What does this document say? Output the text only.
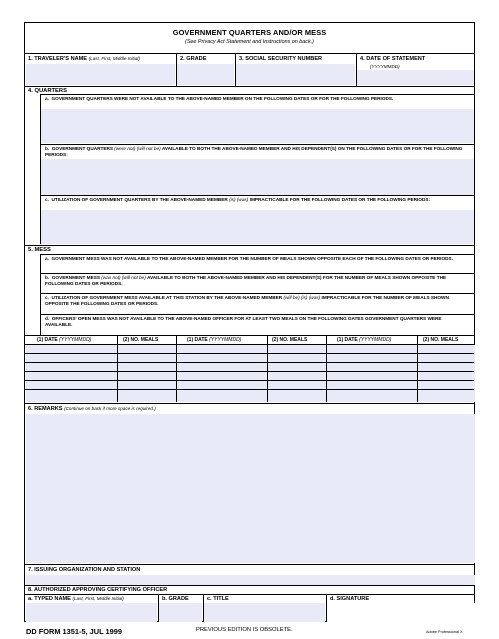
GOVERNMENT QUARTERS AND/OR MESS
(See Privacy Act Statement and Instructions on back.)
1. TRAVELER'S NAME (Last, First, Middle Initial)	2. GRADE	3. SOCIAL SECURITY NUMBER	4. DATE OF STATEMENT
(YYYYMMDD)
4. QUARTERS
a. GOVERNMENT QUARTERS WERE NOT AVAILABLE TO THE ABOVE-NAMED MEMBER ON THE FOLLOWING DATES OR FOR THE FOLLOWING PERIODS.
b. GOVERNMENT QUARTERS (were not) (will not be) AVAILABLE TO BOTH THE ABOVE-NAMED MEMBER AND HIS DEPENDENT(S) ON THE FOLLOWING DATES OR FOR THE FOLLOWING PERIODS:
c. UTILIZATION OF GOVERNMENT QUARTERS BY THE ABOVE-NAMED MEMBER (is) (was) IMPRACTICABLE FOR THE FOLLOWING DATES OR THE FOLLOWING PERIODS:
5. MESS
a. GOVERNMENT MESS WAS NOT AVAILABLE TO THE ABOVE-NAMED MEMBER FOR THE NUMBER OF MEALS SHOWN OPPOSITE EACH OF THE FOLLOWING DATES OR PERIODS.
b. GOVERNMENT MESS (was not) (will not be) AVAILABLE TO BOTH THE ABOVE-NAMED MEMBER AND HIS DEPENDENT(S) FOR THE NUMBER OF MEALS SHOWN OPPOSITE THE FOLLOWING DATES OR PERIODS.
c. UTILIZATION OF GOVERNMENT MESS AVAILABLE AT THIS STATION BY THE ABOVE-NAMED MEMBER (will be) (is) (was) IMPRACTICABLE FOR THE NUMBER OF MEALS SHOWN OPPOSITE THE FOLLOWING DATES OR PERIODS.
d. OFFICERS' OPEN MESS WAS NOT AVAILABLE TO THE ABOVE-NAMED OFFICER FOR AT LEAST TWO MEALS ON THE FOLLOWING DATES GOVERNMENT QUARTERS WERE AVAILABLE.
(1) DATE (YYYYMMDD)	(2) NO. MEALS	(1) DATE (YYYYMMDD)	(2) NO. MEALS	(1) DATE (YYYYMMDD)	(2) NO. MEALS
6. REMARKS (Continue on back if more space is required.)
7. ISSUING ORGANIZATION AND STATION
8. AUTHORIZED APPROVING CERTIFYING OFFICER
a. TYPED NAME (Last, First, Middle Initial)	b. GRADE	c. TITLE	d. SIGNATURE
DD FORM 1351-5, JUL 1999	PREVIOUS EDITION IS OBSOLETE.	Adobe Professional X
